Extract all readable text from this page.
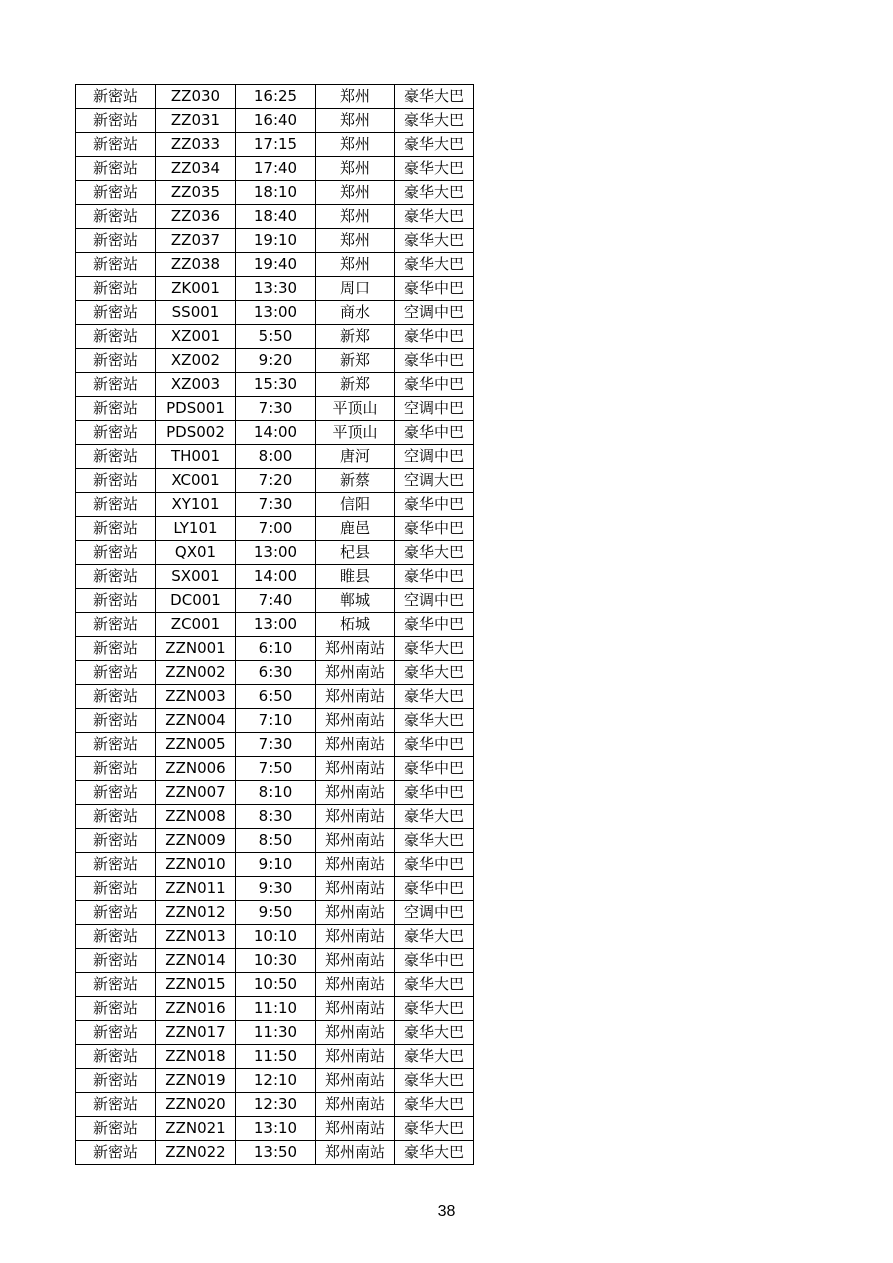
新密站	ZZ030	16:25	郑州	豪华大巴
新密站	ZZ031	16:40	郑州	豪华大巴
新密站	ZZ033	17:15	郑州	豪华大巴
新密站	ZZ034	17:40	郑州	豪华大巴
新密站	ZZ035	18:10	郑州	豪华大巴
新密站	ZZ036	18:40	郑州	豪华大巴
新密站	ZZ037	19:10	郑州	豪华大巴
新密站	ZZ038	19:40	郑州	豪华大巴
新密站	ZK001	13:30	周口	豪华中巴
新密站	SS001	13:00	商水	空调中巴
新密站	XZ001	5:50	新郑	豪华中巴
新密站	XZ002	9:20	新郑	豪华中巴
新密站	XZ003	15:30	新郑	豪华中巴
新密站	PDS001	7:30	平顶山	空调中巴
新密站	PDS002	14:00	平顶山	豪华中巴
新密站	TH001	8:00	唐河	空调中巴
新密站	XC001	7:20	新蔡	空调大巴
新密站	XY101	7:30	信阳	豪华中巴
新密站	LY101	7:00	鹿邑	豪华中巴
新密站	QX01	13:00	杞县	豪华大巴
新密站	SX001	14:00	睢县	豪华中巴
新密站	DC001	7:40	郸城	空调中巴
新密站	ZC001	13:00	柘城	豪华中巴
新密站	ZZN001	6:10	郑州南站	豪华大巴
新密站	ZZN002	6:30	郑州南站	豪华大巴
新密站	ZZN003	6:50	郑州南站	豪华大巴
新密站	ZZN004	7:10	郑州南站	豪华大巴
新密站	ZZN005	7:30	郑州南站	豪华中巴
新密站	ZZN006	7:50	郑州南站	豪华中巴
新密站	ZZN007	8:10	郑州南站	豪华中巴
新密站	ZZN008	8:30	郑州南站	豪华大巴
新密站	ZZN009	8:50	郑州南站	豪华大巴
新密站	ZZN010	9:10	郑州南站	豪华中巴
新密站	ZZN011	9:30	郑州南站	豪华中巴
新密站	ZZN012	9:50	郑州南站	空调中巴
新密站	ZZN013	10:10	郑州南站	豪华大巴
新密站	ZZN014	10:30	郑州南站	豪华中巴
新密站	ZZN015	10:50	郑州南站	豪华大巴
新密站	ZZN016	11:10	郑州南站	豪华大巴
新密站	ZZN017	11:30	郑州南站	豪华大巴
新密站	ZZN018	11:50	郑州南站	豪华大巴
新密站	ZZN019	12:10	郑州南站	豪华大巴
新密站	ZZN020	12:30	郑州南站	豪华大巴
新密站	ZZN021	13:10	郑州南站	豪华大巴
新密站	ZZN022	13:50	郑州南站	豪华大巴
38
